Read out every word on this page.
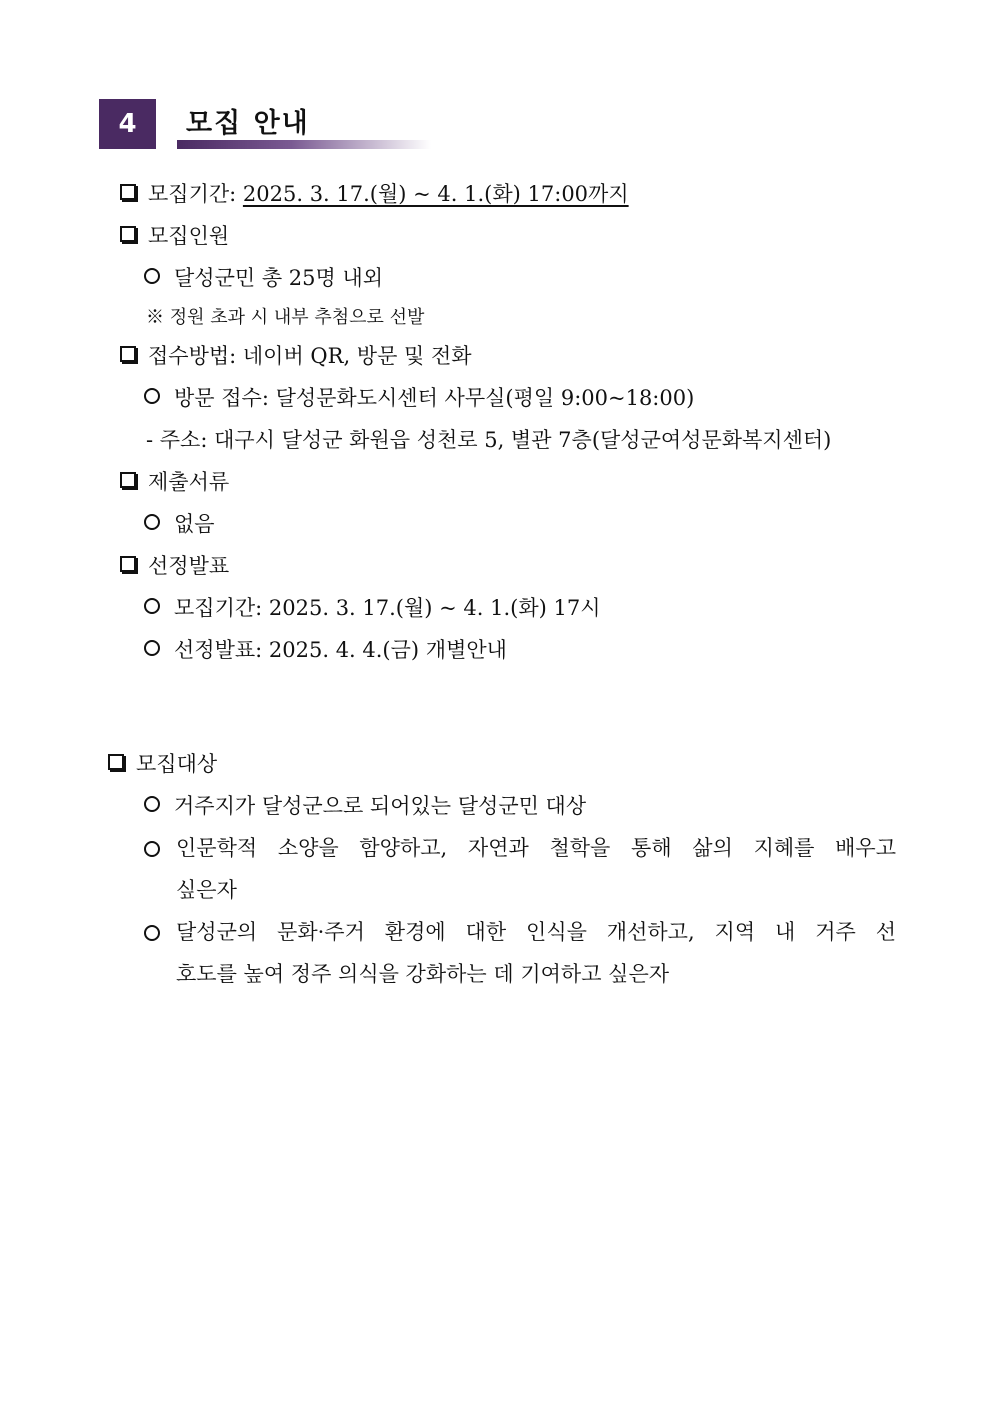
4	모집 안내
모집기간: 2025. 3. 17.(월) ~ 4. 1.(화) 17:00까지
모집인원
달성군민 총 25명 내외
※ 정원 초과 시 내부 추첨으로 선발
접수방법: 네이버 QR, 방문 및 전화
방문 접수: 달성문화도시센터 사무실(평일 9:00~18:00)
- 주소: 대구시 달성군 화원읍 성천로 5, 별관 7층(달성군여성문화복지센터)
제출서류
없음
선정발표
모집기간: 2025. 3. 17.(월) ~ 4. 1.(화) 17시
선정발표: 2025. 4. 4.(금) 개별안내
모집대상
거주지가 달성군으로 되어있는 달성군민 대상
인문학적 소양을 함양하고, 자연과 철학을 통해 삶의 지혜를 배우고
싶은자
달성군의 문화·주거 환경에 대한 인식을 개선하고, 지역 내 거주 선
호도를 높여 정주 의식을 강화하는 데 기여하고 싶은자
